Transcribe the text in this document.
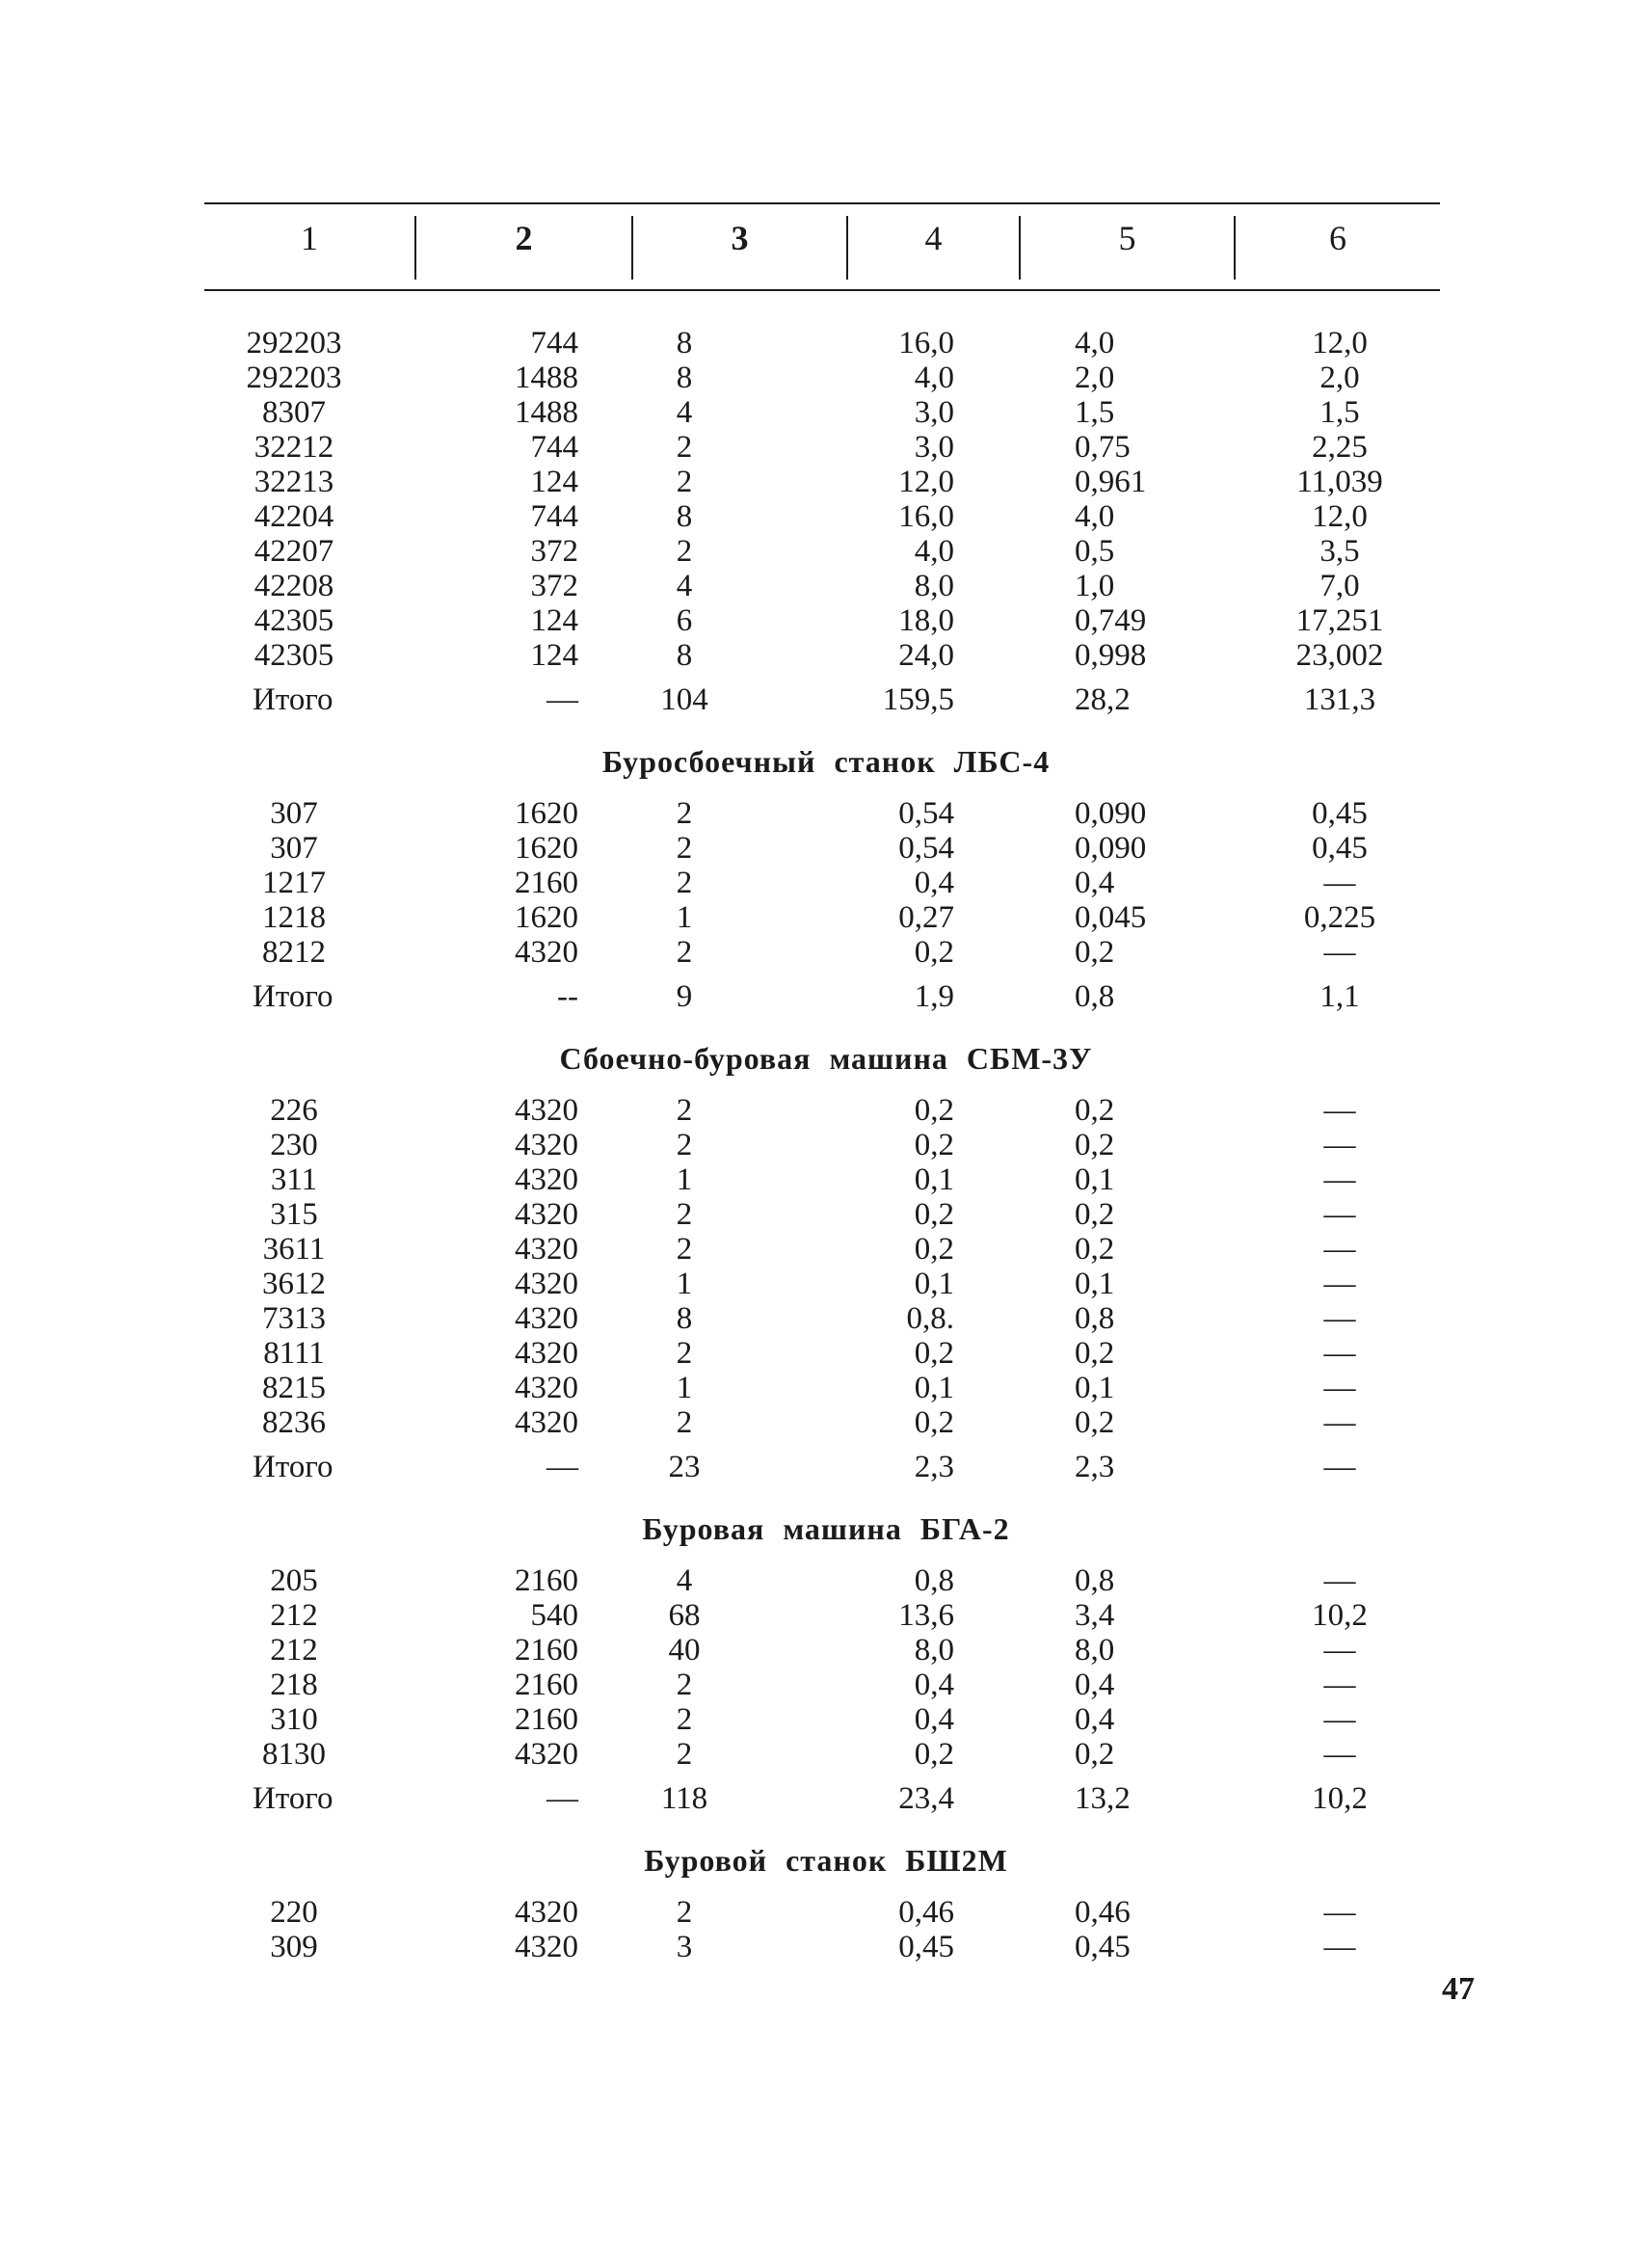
1	2	3	4	5	6
292203	744	8	16,0	4,0	12,0
292203	1488	8	4,0	2,0	2,0
8307	1488	4	3,0	1,5	1,5
32212	744	2	3,0	0,75	2,25
32213	124	2	12,0	0,961	11,039
42204	744	8	16,0	4,0	12,0
42207	372	2	4,0	0,5	3,5
42208	372	4	8,0	1,0	7,0
42305	124	6	18,0	0,749	17,251
42305	124	8	24,0	0,998	23,002
Итого	—	104	159,5	28,2	131,3
Буросбоечный станок ЛБС-4
307	1620	2	0,54	0,090	0,45
307	1620	2	0,54	0,090	0,45
1217	2160	2	0,4	0,4	—
1218	1620	1	0,27	0,045	0,225
8212	4320	2	0,2	0,2	—
Итого	--	9	1,9	0,8	1,1
Сбоечно-буровая машина СБМ-3У
226	4320	2	0,2	0,2	—
230	4320	2	0,2	0,2	—
311	4320	1	0,1	0,1	—
315	4320	2	0,2	0,2	—
3611	4320	2	0,2	0,2	—
3612	4320	1	0,1	0,1	—
7313	4320	8	0,8.	0,8	—
8111	4320	2	0,2	0,2	—
8215	4320	1	0,1	0,1	—
8236	4320	2	0,2	0,2	—
Итого	—	23	2,3	2,3	—
Буровая машина БГА-2
205	2160	4	0,8	0,8	—
212	540	68	13,6	3,4	10,2
212	2160	40	8,0	8,0	—
218	2160	2	0,4	0,4	—
310	2160	2	0,4	0,4	—
8130	4320	2	0,2	0,2	—
Итого	—	118	23,4	13,2	10,2
Буровой станок БШ2М
220	4320	2	0,46	0,46	—
309	4320	3	0,45	0,45	—
47
